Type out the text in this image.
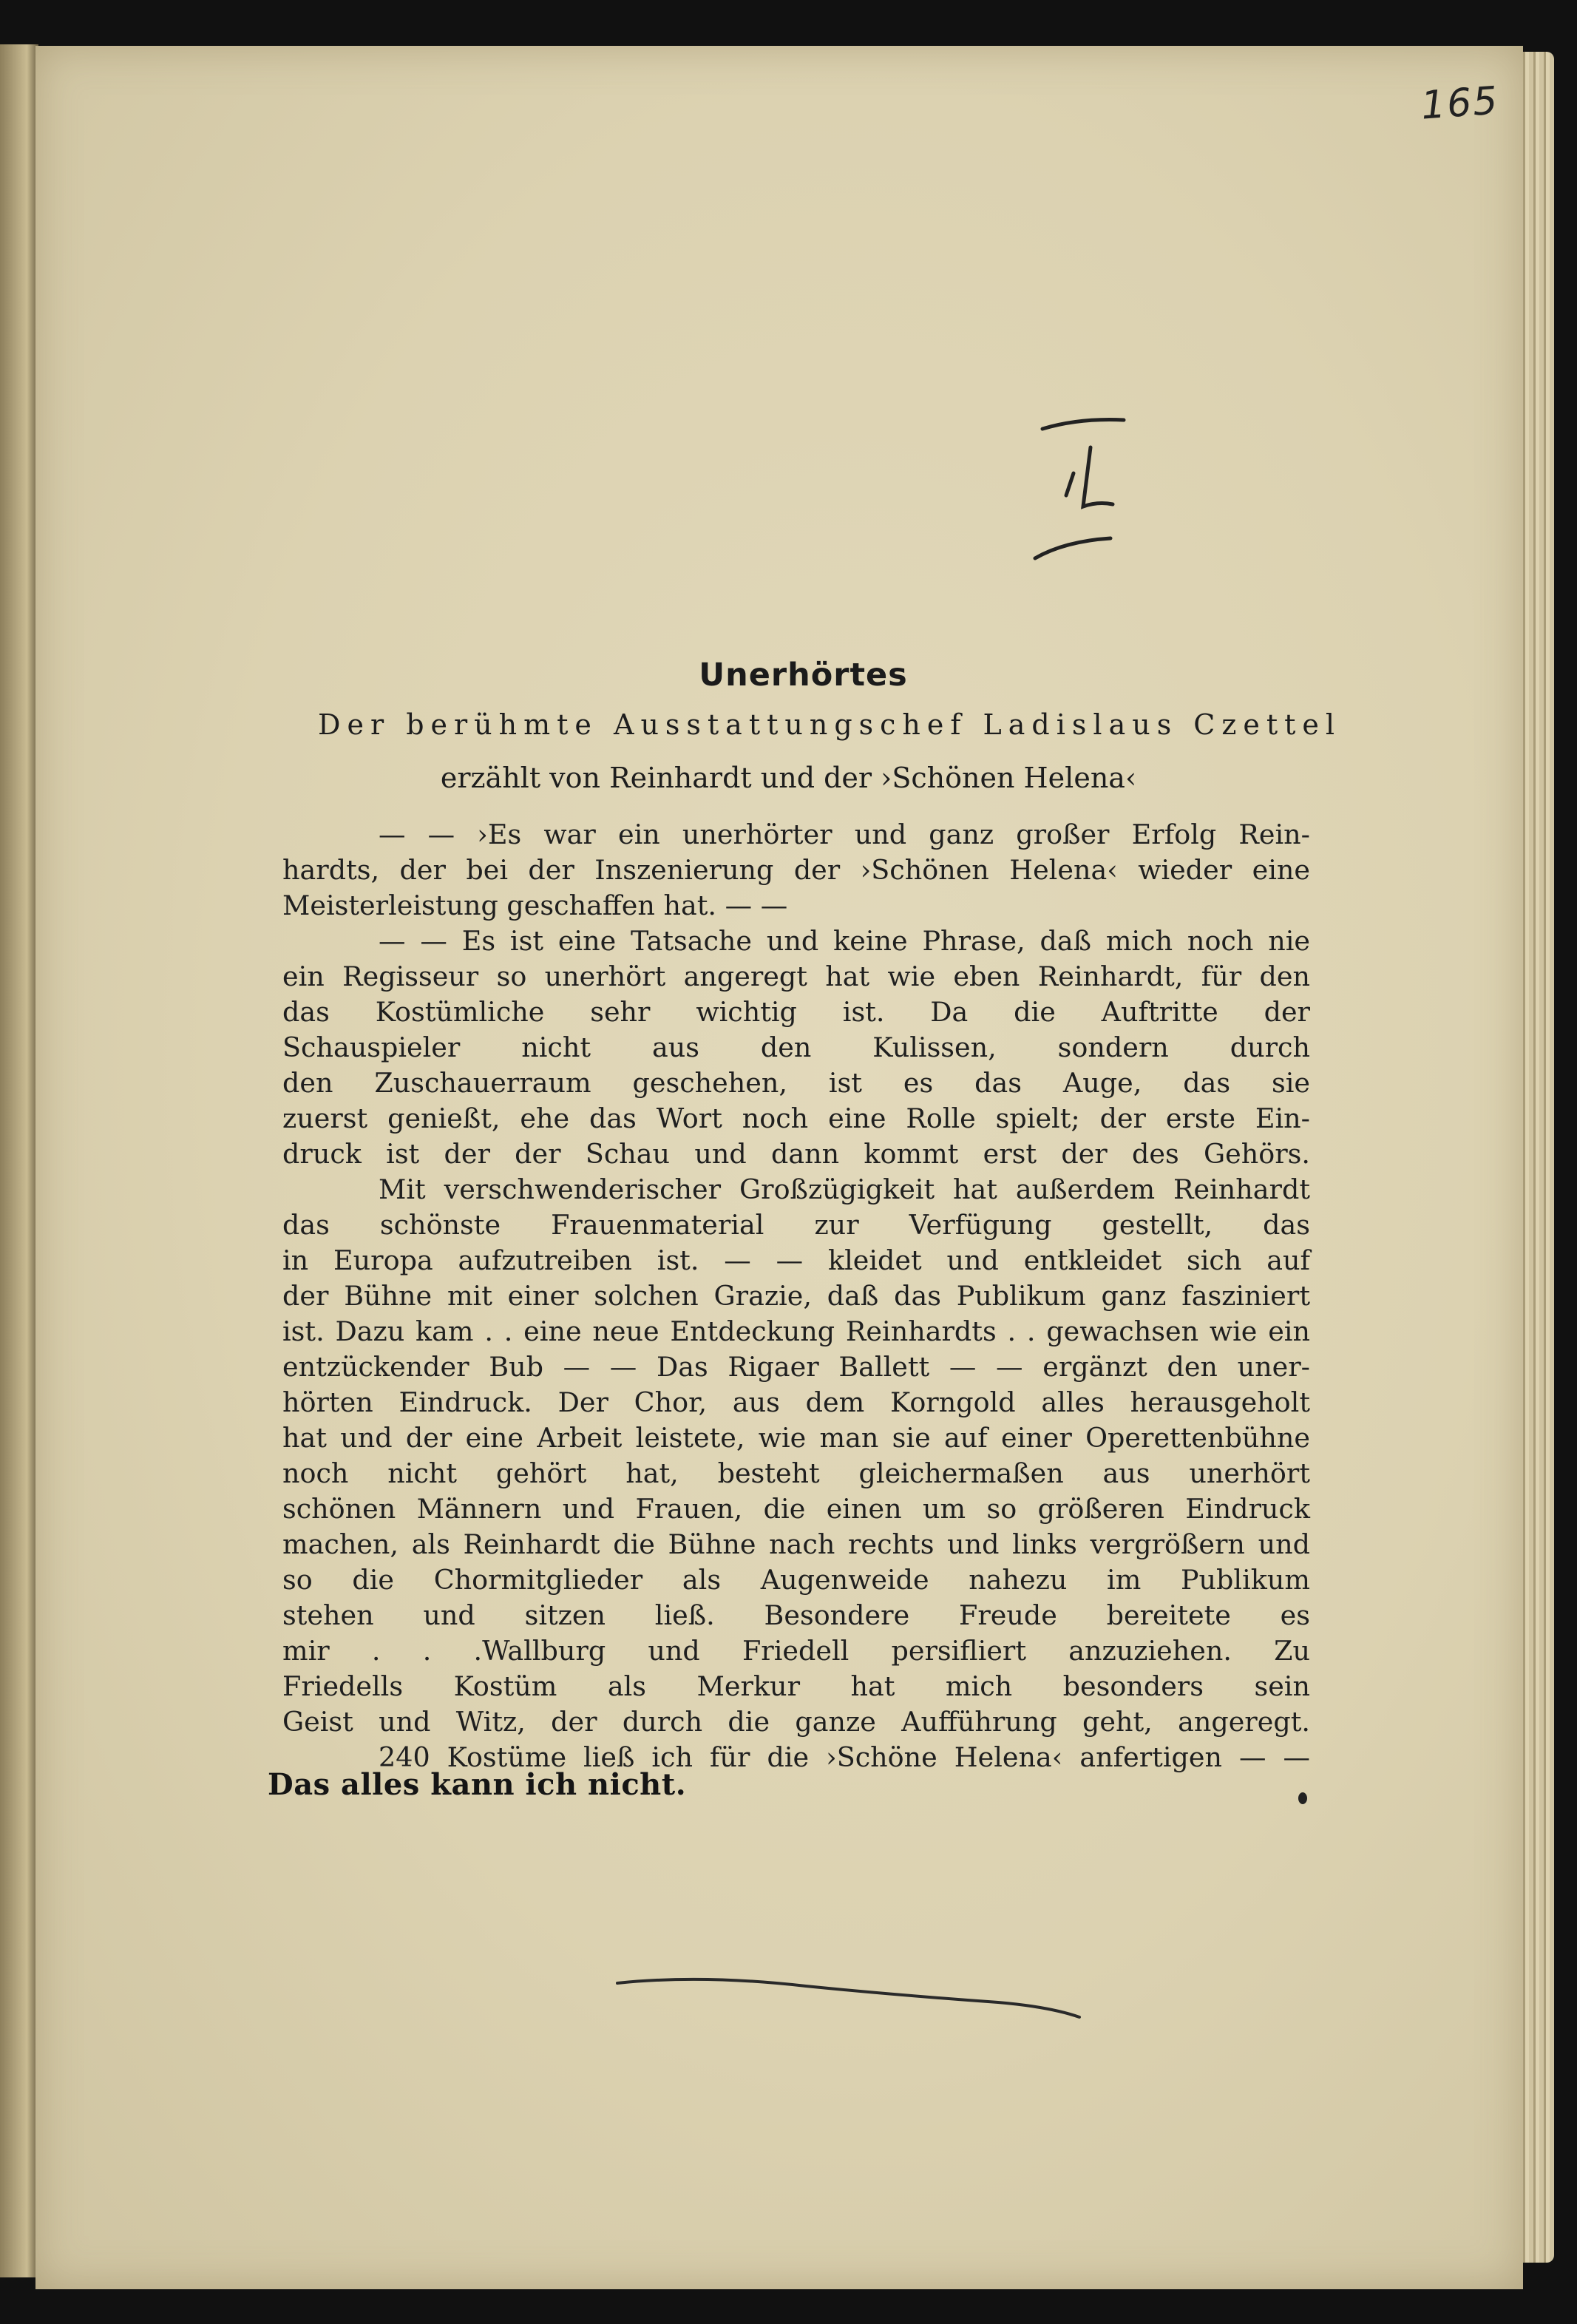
165
Unerhörtes
Der berühmte Ausstattungschef Ladislaus Czettel
erzählt von Reinhardt und der ›Schönen Helena‹
— — ›Es war ein unerhörter und ganz großer Erfolg Rein-
hardts, der bei der Inszenierung der ›Schönen Helena‹ wieder eine
Meisterleistung geschaffen hat. — —
— — Es ist eine Tatsache und keine Phrase, daß mich noch nie
ein Regisseur so unerhört angeregt hat wie eben Reinhardt, für den
das Kostümliche sehr wichtig ist. Da die Auftritte der
Schauspieler nicht aus den Kulissen, sondern durch
den Zuschauerraum geschehen, ist es das Auge, das sie
zuerst genießt, ehe das Wort noch eine Rolle spielt; der erste Ein-
druck ist der der Schau und dann kommt erst der des Gehörs.
Mit verschwenderischer Großzügigkeit hat außerdem Reinhardt
das schönste Frauenmaterial zur Verfügung gestellt, das
in Europa aufzutreiben ist. — — kleidet und entkleidet sich auf
der Bühne mit einer solchen Grazie, daß das Publikum ganz fasziniert
ist. Dazu kam . . eine neue Entdeckung Reinhardts . . gewachsen wie ein
entzückender Bub — — Das Rigaer Ballett — — ergänzt den uner-
hörten Eindruck. Der Chor, aus dem Korngold alles herausgeholt
hat und der eine Arbeit leistete, wie man sie auf einer Operettenbühne
noch nicht gehört hat, besteht gleichermaßen aus unerhört
schönen Männern und Frauen, die einen um so größeren Eindruck
machen, als Reinhardt die Bühne nach rechts und links vergrößern und
so die Chormitglieder als Augenweide nahezu im Publikum
stehen und sitzen ließ. Besondere Freude bereitete es
mir . . .Wallburg und Friedell persifliert anzuziehen. Zu
Friedells Kostüm als Merkur hat mich besonders sein
Geist und Witz, der durch die ganze Aufführung geht, angeregt.
240 Kostüme ließ ich für die ›Schöne Helena‹ anfertigen — —
Das alles kann ich nicht.
